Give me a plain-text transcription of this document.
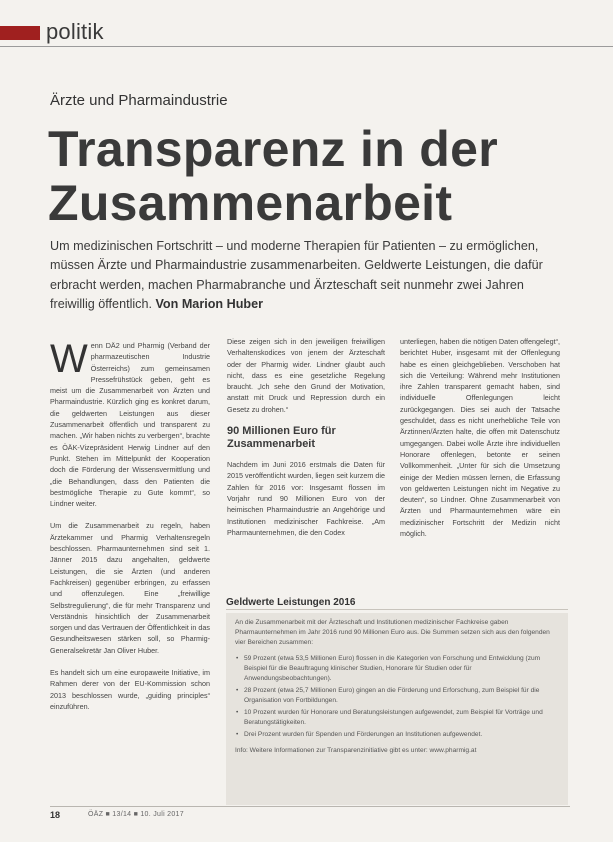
politik
Ärzte und Pharmaindustrie
Transparenz in der Zusammenarbeit
Um medizinischen Fortschritt – und moderne Therapien für Patienten – zu ermöglichen, müssen Ärzte und Pharmaindustrie zusammenarbeiten. Geldwerte Leistungen, die dafür erbracht werden, machen Pharmabranche und Ärzteschaft seit nunmehr zwei Jahren freiwillig öffentlich. Von Marion Huber

Wenn DÄ2 und Pharmig (Verband der pharmazeutischen Industrie Österreichs) zum gemeinsamen Pressefrühstück geben, geht es meist um die Zusammenarbeit von Ärzten und Pharmaindustrie. Kürzlich ging es konkret darum, die geldwerten Leistungen aus dieser Zusammenarbeit öffentlich und transparent zu machen. „Wir haben nichts zu verbergen“, brachte es ÖÄK-Vizepräsident Herwig Lindner auf den Punkt. Stehen im Mittelpunkt der Kooperation doch die Förderung der Wissensvermittlung und „die Behandlungen, dass den Patienten die bestmögliche Therapie zu Gute kommt“, so Lindner weiter.

Um die Zusammenarbeit zu regeln, haben Ärztekammer und Pharmig Verhaltensregeln beschlossen. Pharmaunternehmen sind seit 1. Jänner 2015 dazu angehalten, geldwerte Leistungen, die sie Ärzten (und anderen Fachkreisen) gegenüber erbringen, zu erfassen und offenzulegen. Eine „freiwillige Selbstregulierung“, die für mehr Transparenz und Verständnis hinsichtlich der Zusammenarbeit sorgen und das Vertrauen der Öffentlichkeit in das Gesundheitswesen stärken soll, so Pharmig-Generalsekretär Jan Oliver Huber.

Es handelt sich um eine europaweite Initiative, im Rahmen derer von der EU-Kommission schon 2013 beschlossen wurde, „guiding principles“ einzuführen.

Diese zeigen sich in den jeweiligen freiwilligen Verhaltenskodices von jenem der Ärzteschaft oder der Pharmig wider. Lindner glaubt auch nicht, dass es eine gesetzliche Regelung braucht. „Ich sehe den Grund der Motivation, anstatt mit Druck und Repression durch ein Gesetz zu drohen.“

90 Millionen Euro für Zusammenarbeit

Nachdem im Juni 2016 erstmals die Daten für 2015 veröffentlicht wurden, liegen seit kurzem die Zahlen für 2016 vor: Insgesamt flossen im Vorjahr rund 90 Millionen Euro von der heimischen Pharmaindustrie an Angehörige und Institutionen medizinischer Fachkreise. „Am Pharmaunternehmen, die den Codex

unterliegen, haben die nötigen Daten offengelegt“, berichtet Huber, insgesamt mit der Offenlegung habe es einen gleichgeblieben. Verschoben hat sich die Verteilung: Während mehr Institutionen ihre Zahlen transparent gemacht haben, sind individuelle Offenlegungen leicht zurückgegangen. Dies sei auch der Tatsache geschuldet, dass es nicht unerhebliche Teile von Ärztinnen/Ärzten halte, die offen mit Datenschutz umgegangen. Dabei wolle Ärzte ihre individuellen Honorare offenlegen, betonte er seinen Vollkommenheit. „Unter für sich die Umsetzung einige der Medien müssen lernen, die Erfassung von geldwerten Leistungen nicht im Negative zu deuten“, so Lindner. Ohne Zusammenarbeit von Ärzten und Pharmaunternehmen wäre ein medizinischer Fortschritt der Medizin nicht möglich.

Geldwerte Leistungen 2016

An die Zusammenarbeit mit der Ärzteschaft und Institutionen medizinischer Fachkreise gaben Pharmaunternehmen im Jahr 2016 rund 90 Millionen Euro aus. Die Summen setzen sich aus den folgenden vier Bereichen zusammen:

• 59 Prozent (etwa 53,5 Millionen Euro) flossen in die Kategorien von Forschung und Entwicklung (zum Beispiel für die Beauftragung klinischer Studien, Honorare für Studien oder für Anwendungsbeobachtungen).
• 28 Prozent (etwa 25,7 Millionen Euro) gingen an die Förderung und Erforschung, zum Beispiel für die Organisation von Fortbildungen.
• 10 Prozent wurden für Honorare und Beratungsleistungen aufgewendet, zum Beispiel für Vorträge und Beratungstätigkeiten.
• Drei Prozent wurden für Spenden und Förderungen an Institutionen aufgewendet.

Info: Weitere Informationen zur Transparenzinitiative gibt es unter: www.pharmig.at

18	ÖÄZ ■ 13/14 ■ 10. Juli 2017
